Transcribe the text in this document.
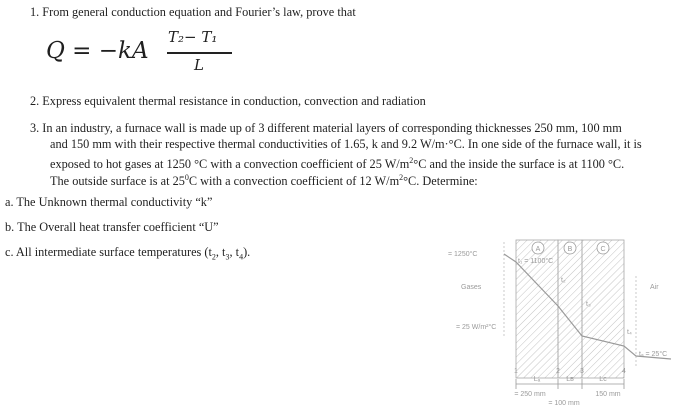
1. From general conduction equation and Fourier’s law, prove that
Q = −kA
T₂− T₁
L
2. Express equivalent thermal resistance in conduction, convection and radiation
3. In an industry, a furnace wall is made up of 3 different material layers of corresponding thicknesses 250 mm, 100 mm
and 150 mm with their respective thermal conductivities of 1.65, k and 9.2 W/m·°C. In one side of the furnace wall, it is
exposed to hot gases at 1250 °C with a convection coefficient of 25 $W/m^2^\circ C$ and the inside the surface is at 1100 °C.
The outside surface is at $25^0C$ with a convection coefficient of 12 $W/m^2^\circ C$. Determine:
a. The Unknown thermal conductivity “k”
b. The Overall heat transfer coefficient “U”
c. All intermediate surface temperatures ($t_2$, $t_3$, $t_4$).	A	B	C
= 1250°C
t₁ = 1100°C
Gases
= 25 W/m²°C
Air
tₐ = 25°C
t₂
t₃
t₄
1	2	3	4
Lₐ	Lʙ	Lc
= 250 mm
= 100 mm
150 mm
